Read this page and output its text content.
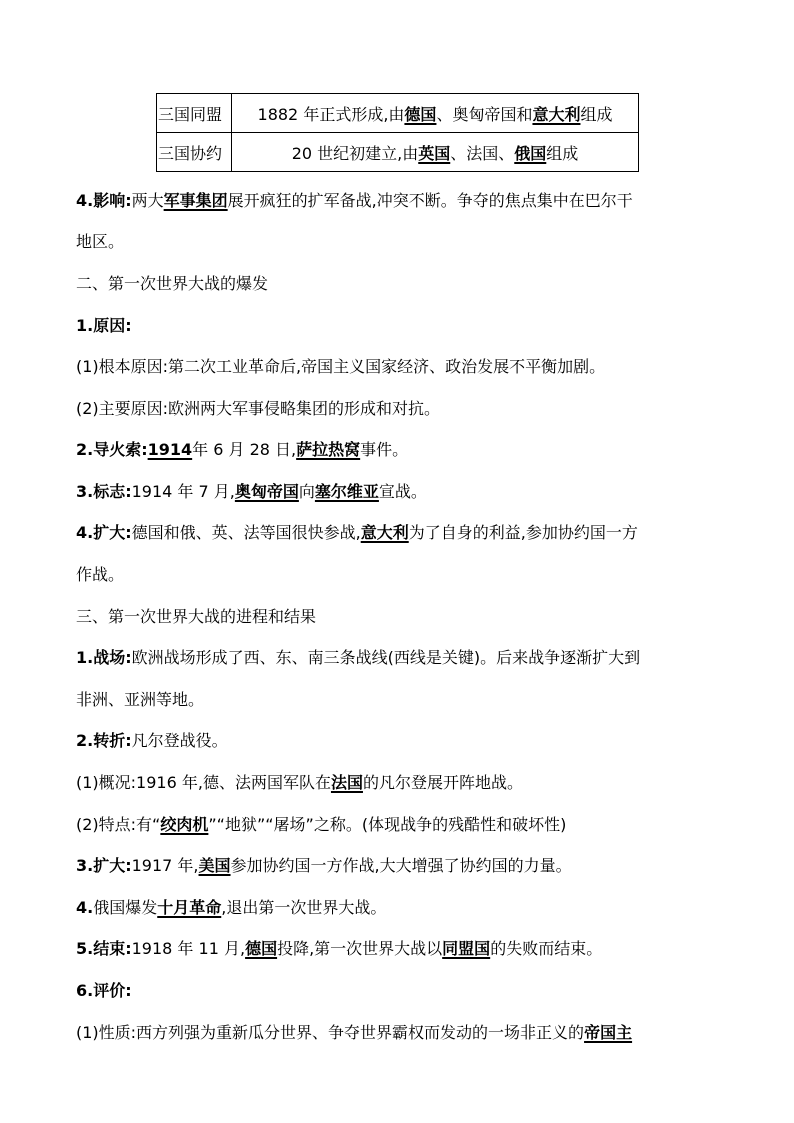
三国同盟	1882 年正式形成,由德国、奥匈帝国和意大利组成
三国协约	20 世纪初建立,由英国、法国、俄国组成
4.影响:两大军事集团展开疯狂的扩军备战,冲突不断。争夺的焦点集中在巴尔干
地区。
二、第一次世界大战的爆发
1.原因:
(1)根本原因:第二次工业革命后,帝国主义国家经济、政治发展不平衡加剧。
(2)主要原因:欧洲两大军事侵略集团的形成和对抗。
2.导火索:1914年 6 月 28 日,萨拉热窝事件。
3.标志:1914 年 7 月,奥匈帝国向塞尔维亚宣战。
4.扩大:德国和俄、英、法等国很快参战,意大利为了自身的利益,参加协约国一方
作战。
三、第一次世界大战的进程和结果
1.战场:欧洲战场形成了西、东、南三条战线(西线是关键)。后来战争逐渐扩大到
非洲、亚洲等地。
2.转折:凡尔登战役。
(1)概况:1916 年,德、法两国军队在法国的凡尔登展开阵地战。
(2)特点:有“绞肉机”“地狱”“屠场”之称。(体现战争的残酷性和破坏性)
3.扩大:1917 年,美国参加协约国一方作战,大大增强了协约国的力量。
4.俄国爆发十月革命,退出第一次世界大战。
5.结束:1918 年 11 月,德国投降,第一次世界大战以同盟国的失败而结束。
6.评价:
(1)性质:西方列强为重新瓜分世界、争夺世界霸权而发动的一场非正义的帝国主
